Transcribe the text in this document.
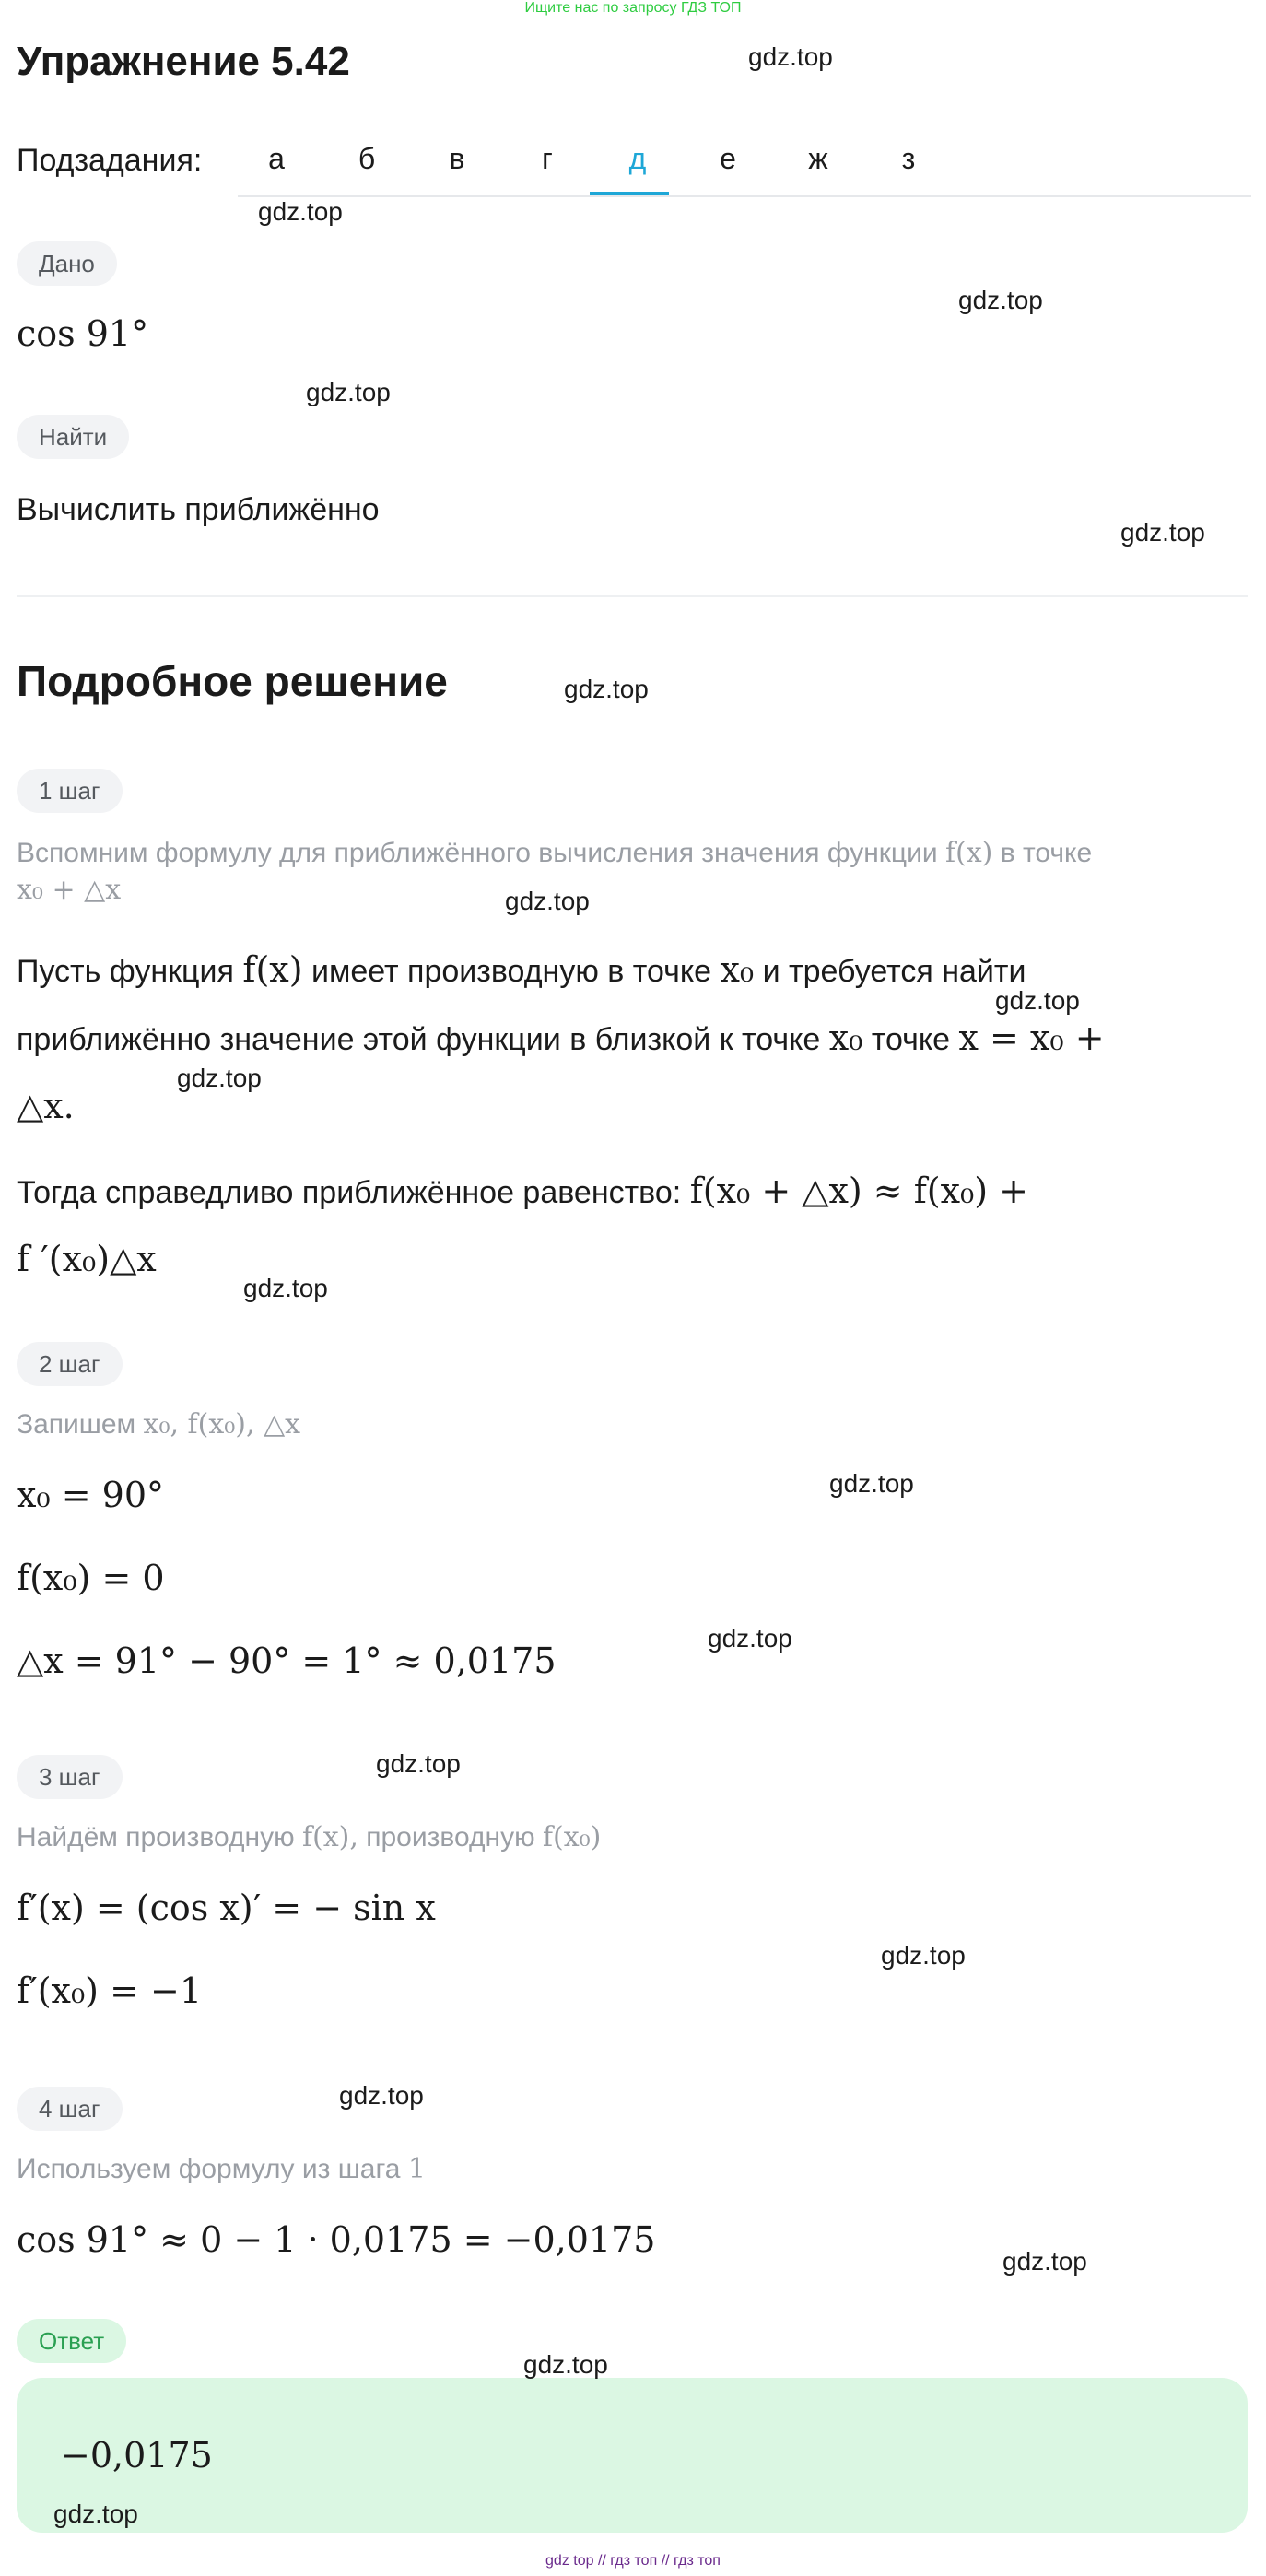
Ищите нас по запросу ГДЗ ТОП
Упражнение 5.42
Подзадания:	а	б	в	г	д	е	ж	з
Дано
cos 91°
Найти
Вычислить приближённо
Подробное решение
1 шаг
Вспомним формулу для приближённого вычисления значения функции f(x) в точке
x₀ + △x
Пусть функция f(x) имеет производную в точке x₀ и требуется найти
приближённо значение этой функции в близкой к точке x₀ точке x = x₀ +
△x.
Тогда справедливо приближённое равенство: f(x₀ + △x) ≈ f(x₀) +
f ′(x₀)△x
2 шаг
Запишем x₀, f(x₀), △x
x₀ = 90°
f(x₀) = 0
△x = 91° − 90° = 1° ≈ 0,0175
3 шаг
Найдём производную f(x), производную f(x₀)
f′(x) = (cos x)′ = − sin x
f′(x₀) = −1
4 шаг
Используем формулу из шага 1
cos 91° ≈ 0 − 1 · 0,0175 = −0,0175
Ответ
−0,0175
gdz.top
gdz.top
gdz.top
gdz.top
gdz.top
gdz.top
gdz.top
gdz.top
gdz.top
gdz.top
gdz.top
gdz.top
gdz.top
gdz.top
gdz.top
gdz.top
gdz.top
gdz.top
gdz top // гдз топ // гдз топ
